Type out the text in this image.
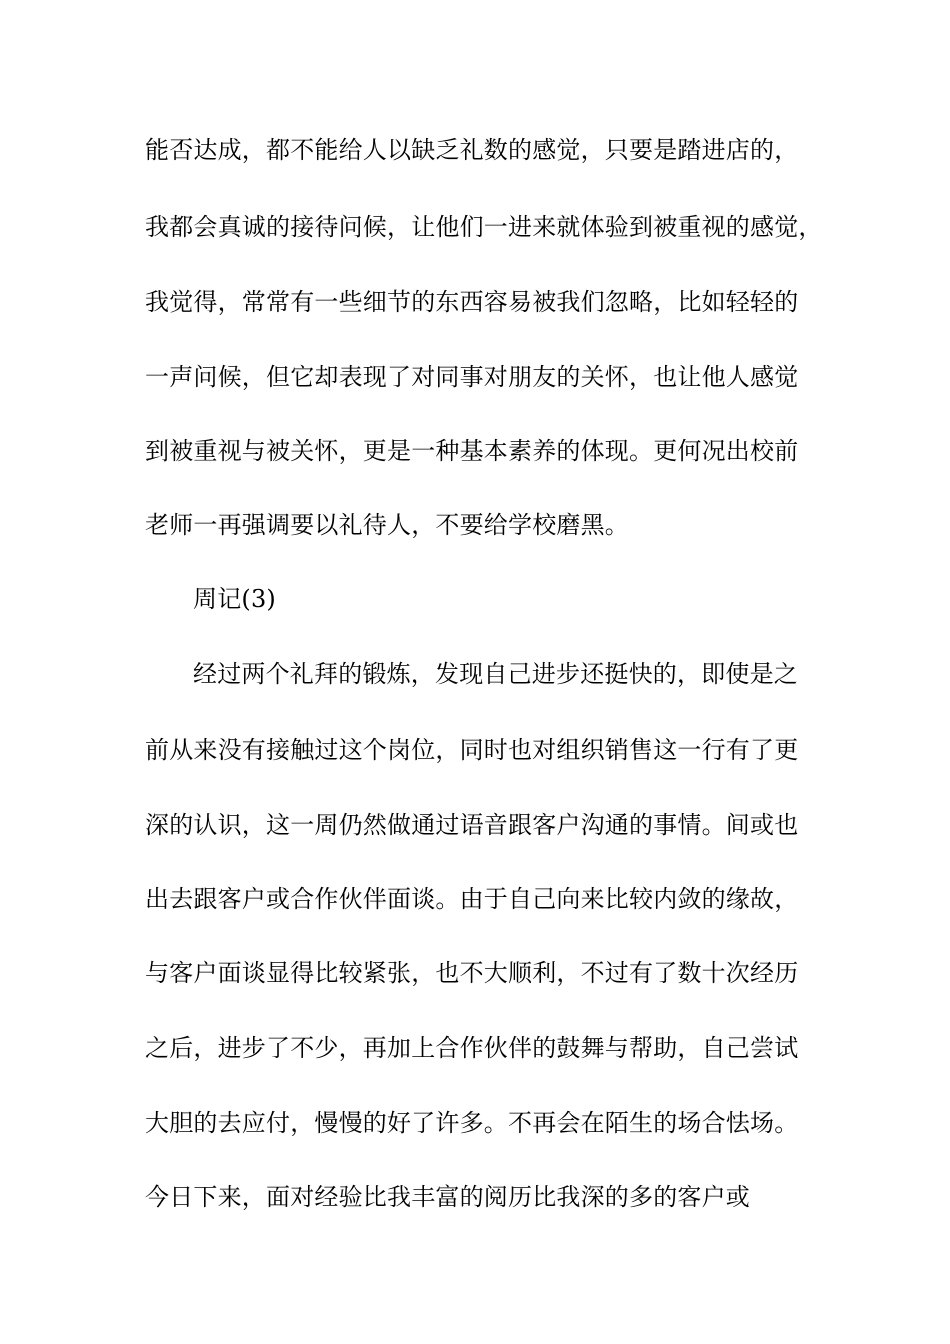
能否达成，都不能给人以缺乏礼数的感觉，只要是踏进店的，
我都会真诚的接待问候，让他们一进来就体验到被重视的感觉，
我觉得，常常有一些细节的东西容易被我们忽略，比如轻轻的
一声问候，但它却表现了对同事对朋友的关怀，也让他人感觉
到被重视与被关怀，更是一种基本素养的体现。更何况出校前
老师一再强调要以礼待人，不要给学校磨黑。
周记(3)
经过两个礼拜的锻炼，发现自己进步还挺快的，即使是之
前从来没有接触过这个岗位，同时也对组织销售这一行有了更
深的认识，这一周仍然做通过语音跟客户沟通的事情。间或也
出去跟客户或合作伙伴面谈。由于自己向来比较内敛的缘故，
与客户面谈显得比较紧张，也不大顺利，不过有了数十次经历
之后，进步了不少，再加上合作伙伴的鼓舞与帮助，自己尝试
大胆的去应付，慢慢的好了许多。不再会在陌生的场合怯场。
今日下来，面对经验比我丰富的阅历比我深的多的客户或
